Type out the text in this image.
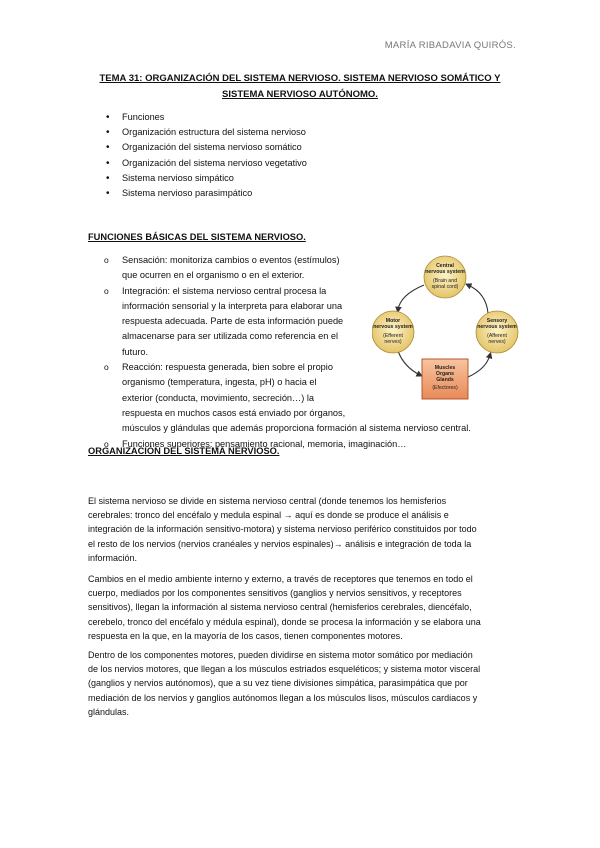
MARÍA RIBADAVIA QUIRÓS.
TEMA 31: ORGANIZACIÓN DEL SISTEMA NERVIOSO. SISTEMA NERVIOSO SOMÁTICO Y
SISTEMA NERVIOSO AUTÓNOMO.
• Funciones
• Organización estructura del sistema nervioso
• Organización del sistema nervioso somático
• Organización del sistema nervioso vegetativo
• Sistema nervioso simpático
• Sistema nervioso parasimpático
FUNCIONES BÁSICAS DEL SISTEMA NERVIOSO.
o Sensación: monitoriza cambios o eventos (estímulos)
que ocurren en el organismo o en el exterior.
o Integración: el sistema nervioso central procesa la
información sensorial y la interpreta para elaborar una
respuesta adecuada. Parte de esta información puede
almacenarse para ser utilizada como referencia en el
futuro.
o Reacción: respuesta generada, bien sobre el propio
organismo (temperatura, ingesta, pH) o hacia el
exterior (conducta, movimiento, secreción…) la
respuesta en muchos casos está enviado por órganos,
músculos y glándulas que además proporciona formación al sistema nervioso central.
o Funciones superiores: pensamiento racional, memoria, imaginación…
Central
nervous system
(Brain and
spinal cord)
Motor
nervous system
(Efferent
nerves)
Sensory
nervous system
(Afferent
nerves)
Muscles
Organs
Glands
(Efectores)
ORGANIZACIÓN DEL SISTEMA NERVIOSO.
El sistema nervioso se divide en sistema nervioso central (donde tenemos los hemisferios
cerebrales: tronco del encéfalo y medula espinal → aquí es donde se produce el análisis e
integración de la información sensitivo-motora) y sistema nervioso periférico constituidos por todo
el resto de los nervios (nervios cranéales y nervios espinales)→ análisis e integración de toda la
información.
Cambios en el medio ambiente interno y externo, a través de receptores que tenemos en todo el
cuerpo, mediados por los componentes sensitivos (ganglios y nervios sensitivos, y receptores
sensitivos), llegan la información al sistema nervioso central (hemisferios cerebrales, diencéfalo,
cerebelo, tronco del encéfalo y médula espinal), donde se procesa la información y se elabora una
respuesta en la que, en la mayoría de los casos, tienen componentes motores.
Dentro de los componentes motores, pueden dividirse en sistema motor somático por mediación
de los nervios motores, que llegan a los músculos estriados esqueléticos; y sistema motor visceral
(ganglios y nervios autónomos), que a su vez tiene divisiones simpática, parasimpática que por
mediación de los nervios y ganglios autónomos llegan a los músculos lisos, músculos cardiacos y
glándulas.
